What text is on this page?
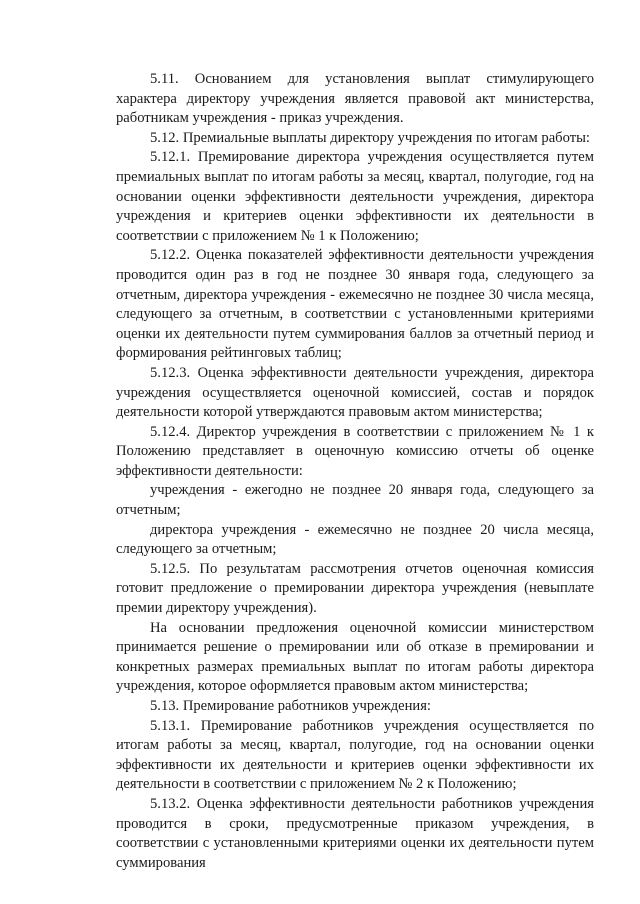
5.11. Основанием для установления выплат стимулирующего характера директору учреждения является правовой акт министерства, работникам учреждения - приказ учреждения.

5.12. Премиальные выплаты директору учреждения по итогам работы:

5.12.1. Премирование директора учреждения осуществляется путем премиальных выплат по итогам работы за месяц, квартал, полугодие, год на основании оценки эффективности деятельности учреждения, директора учреждения и критериев оценки эффективности их деятельности в соответствии с приложением № 1 к Положению;

5.12.2. Оценка показателей эффективности деятельности учреждения проводится один раз в год не позднее 30 января года, следующего за отчетным, директора учреждения - ежемесячно не позднее 30 числа месяца, следующего за отчетным, в соответствии с установленными критериями оценки их деятельности путем суммирования баллов за отчетный период и формирования рейтинговых таблиц;

5.12.3. Оценка эффективности деятельности учреждения, директора учреждения осуществляется оценочной комиссией, состав и порядок деятельности которой утверждаются правовым актом министерства;

5.12.4. Директор учреждения в соответствии с приложением № 1 к Положению представляет в оценочную комиссию отчеты об оценке эффективности деятельности:

учреждения - ежегодно не позднее 20 января года, следующего за отчетным;

директора учреждения - ежемесячно не позднее 20 числа месяца, следующего за отчетным;

5.12.5. По результатам рассмотрения отчетов оценочная комиссия готовит предложение о премировании директора учреждения (невыплате премии директору учреждения).

На основании предложения оценочной комиссии министерством принимается решение о премировании или об отказе в премировании и конкретных размерах премиальных выплат по итогам работы директора учреждения, которое оформляется правовым актом министерства;

5.13. Премирование работников учреждения:

5.13.1. Премирование работников учреждения осуществляется по итогам работы за месяц, квартал, полугодие, год на основании оценки эффективности их деятельности и критериев оценки эффективности их деятельности в соответствии с приложением № 2 к Положению;

5.13.2. Оценка эффективности деятельности работников учреждения проводится в сроки, предусмотренные приказом учреждения, в соответствии с установленными критериями оценки их деятельности путем суммирования
